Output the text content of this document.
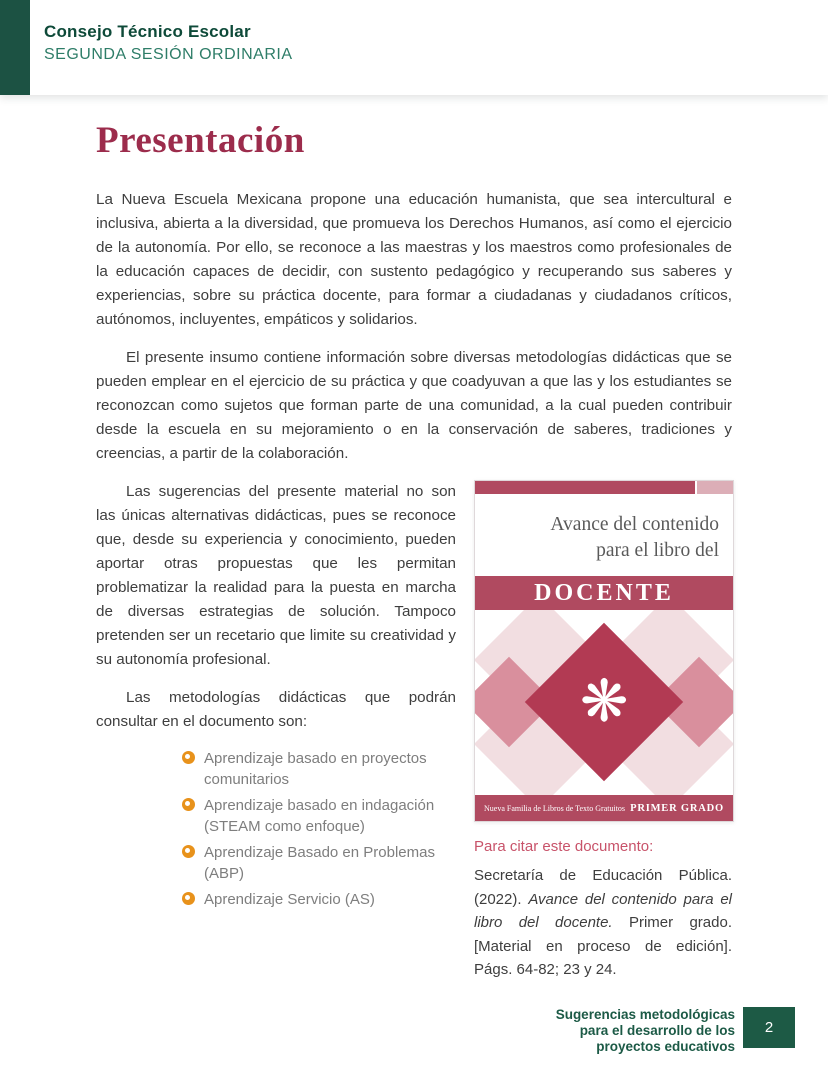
Consejo Técnico Escolar
SEGUNDA SESIÓN ORDINARIA
Presentación

La Nueva Escuela Mexicana propone una educación humanista, que sea intercultural e inclusiva, abierta a la diversidad, que promueva los Derechos Humanos, así como el ejercicio de la autonomía. Por ello, se reconoce a las maestras y los maestros como profesionales de la educación capaces de decidir, con sustento pedagógico y recuperando sus saberes y experiencias, sobre su práctica docente, para formar a ciudadanas y ciudadanos críticos, autónomos, incluyentes, empáticos y solidarios.

El presente insumo contiene información sobre diversas metodologías didácticas que se pueden emplear en el ejercicio de su práctica y que coadyuvan a que las y los estudiantes se reconozcan como sujetos que forman parte de una comunidad, a la cual pueden contribuir desde la escuela en su mejoramiento o en la conservación de saberes, tradiciones y creencias, a partir de la colaboración.

Las sugerencias del presente material no son las únicas alternativas didácticas, pues se reconoce que, desde su experiencia y conocimiento, pueden aportar otras propuestas que les permitan problematizar la realidad para la puesta en marcha de diversas estrategias de solución. Tampoco pretenden ser un recetario que limite su creatividad y su autonomía profesional.

Las metodologías didácticas que podrán consultar en el documento son:

Aprendizaje basado en proyectos comunitarios
Aprendizaje basado en indagación (STEAM como enfoque)
Aprendizaje Basado en Problemas (ABP)
Aprendizaje Servicio (AS)
Avance del contenido
para el libro del
DOCENTE
❋
Nueva Familia de Libros de Texto Gratuitos PRIMER GRADO
Para citar este documento:

Secretaría de Educación Pública. (2022). Avance del contenido para el libro del docente. Primer grado. [Material en proceso de edición]. Págs. 64-82; 23 y 24.

Sugerencias metodológicas
para el desarrollo de los
proyectos educativos
2
